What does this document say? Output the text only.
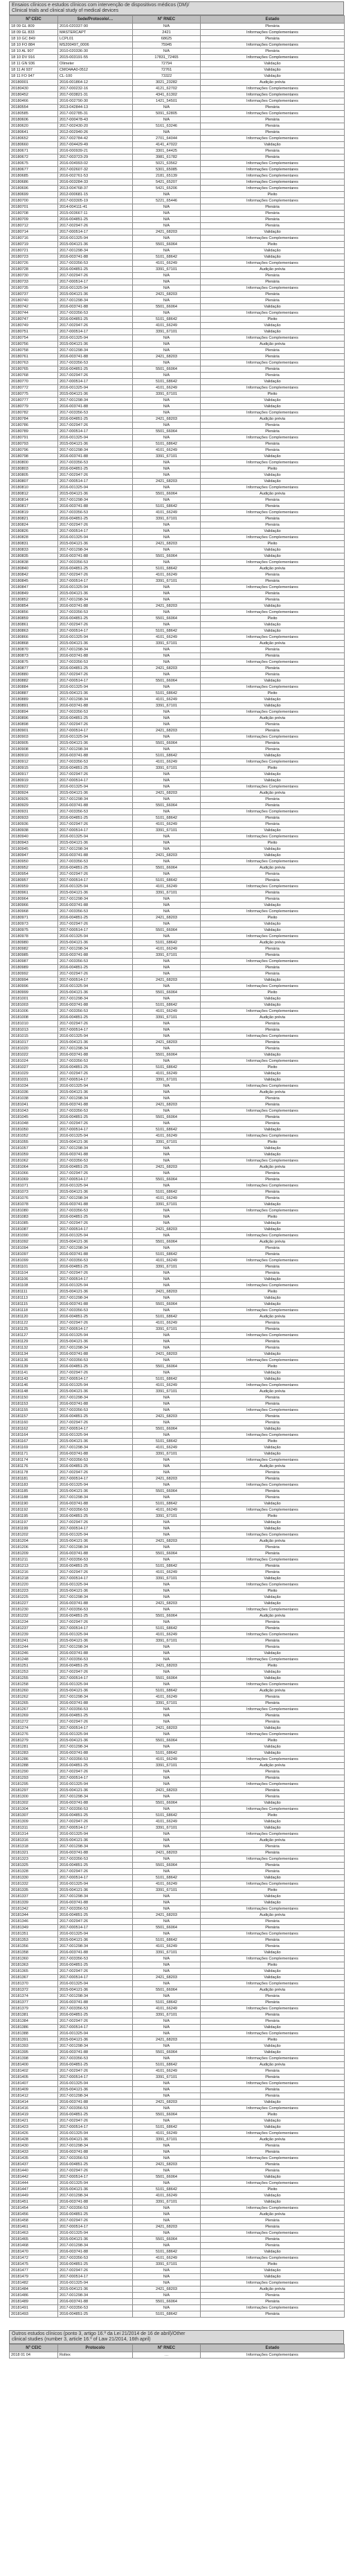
Ensaios clínicos e estudos clínicos com intervenção de dispositivos médicos (DM)/
Clinical trials and clinical study of medical devices
Nº CEIC	Sede/Protocolo/…	Nº RNEC	Estado
18 09 GL 809	2016-020337-90	N/A	Plenária
18 09 GL 833	MASTERCAPT	2421	Informações Complementares
18 10 GC 849	LCPL01	68625	Plenária
18 10 FO 884	MS200497_0006	75945	Informações Complementares
18 10 AL 907	2010-020336-30	N/A	Plenária
18 10 DV 916	2015-003191-55	17831_72465	Informações Complementares
18 11 GN 936	Olimeter	72794	Validação
18 11 AI 937	CMO4AA0-0512	72761	Validação
18 11 FO 947	CL-100	73322	Validação
20180001	2016-001864-12	3021_23282	Audição prévia
20180430	2017-000232-16	4121_62702	Informações Complementares
20180452	2017-003821-31	4341_61302	Informações Complementares
20180466	2016-002790-30	1421_54501	Informações Complementares
20180554	2013-042844-13	N/A	Plenária
20180585	2017-002785-31	5091_62805	Informações Complementares
20180606	2017-000478-43	N/A	Plenária
20180620	2017-002430-20	5161_63246	Plenária
20180641	2012-002940-26	N/A	Plenária
20180652	2017-002784-42	2701_64044	Informações Complementares
20180660	2017-004429-49	4141_47022	Validação
20180671	2016-000939-21	3301_64425	Plenária
20180672	2017-003723-29	3981_61782	Plenária
20180675	2016-004993-02	5021_63562	Informações Complementares
20180677	2017-002607-32	5301_65085	Informações Complementares
20180685	2016-002761-53	2181_65139	Informações Complementares
20180686	2016-003284-33	5421_65207	Informações Complementares
20180696	2013-004768-37	5421_65206	Informações Complementares
20180699	2012-000681-15	N/A	Pleito
20180700	2017-003305-19	5221_65446	Informações Complementares
20180701	2014-004111-41	N/A	Plenária
20180708	2015-003667-11	N/A	Plenária
20180709	2016-004851-25	N/A	Plenária
20180712	2017-002947-26	N/A	Plenária
20180714	2017-000514-17	2421_68203	Validação
20180716	2016-001325-94	N/A	Informações Complementares
20180719	2015-004121-36	5501_66064	Pleito
20180721	2017-001298-34	N/A	Validação
20180723	2016-003741-88	5101_68642	Validação
20180726	2017-003356-53	4101_66249	Informações Complementares
20180728	2016-004851-25	3391_67101	Audição prévia
20180730	2017-002947-26	N/A	Plenária
20180733	2017-000514-17	N/A	Plenária
20180735	2016-001325-94	N/A	Informações Complementares
20180737	2015-004121-36	2421_68203	Plenária
20180740	2017-001298-34	N/A	Plenária
20180742	2016-003741-88	5501_66064	Validação
20180744	2017-003356-53	N/A	Informações Complementares
20180747	2016-004851-25	5101_68642	Pleito
20180749	2017-002947-26	4101_66249	Validação
20180751	2017-000514-17	3391_67101	Validação
20180754	2016-001325-94	N/A	Informações Complementares
20180756	2015-004121-36	N/A	Audição prévia
20180758	2017-001298-34	N/A	Plenária
20180761	2016-003741-88	2421_68203	Plenária
20180763	2017-003356-53	N/A	Informações Complementares
20180765	2016-004851-25	5501_66064	Plenária
20180768	2017-002947-26	N/A	Plenária
20180770	2017-000514-17	5101_68642	Validação
20180772	2016-001325-94	4101_66249	Informações Complementares
20180775	2015-004121-36	3391_67101	Pleito
20180777	2017-001298-34	N/A	Validação
20180779	2016-003741-88	N/A	Validação
20180782	2017-003356-53	N/A	Informações Complementares
20180784	2016-004851-25	2421_68203	Audição prévia
20180786	2017-002947-26	N/A	Plenária
20180789	2017-000514-17	5501_66064	Plenária
20180791	2016-001325-94	N/A	Informações Complementares
20180793	2015-004121-36	5101_68642	Plenária
20180796	2017-001298-34	4101_66249	Plenária
20180798	2016-003741-88	3391_67101	Validação
20180800	2017-003356-53	N/A	Informações Complementares
20180803	2016-004851-25	N/A	Pleito
20180805	2017-002947-26	N/A	Validação
20180807	2017-000514-17	2421_68203	Validação
20180810	2016-001325-94	N/A	Informações Complementares
20180812	2015-004121-36	5501_66064	Audição prévia
20180814	2017-001298-34	N/A	Plenária
20180817	2016-003741-88	5101_68642	Plenária
20180819	2017-003356-53	4101_66249	Informações Complementares
20180821	2016-004851-25	3391_67101	Plenária
20180824	2017-002947-26	N/A	Plenária
20180826	2017-000514-17	N/A	Validação
20180828	2016-001325-94	N/A	Informações Complementares
20180831	2015-004121-36	2421_68203	Pleito
20180833	2017-001298-34	N/A	Validação
20180835	2016-003741-88	5501_66064	Validação
20180838	2017-003356-53	N/A	Informações Complementares
20180840	2016-004851-25	5101_68642	Audição prévia
20180842	2017-002947-26	4101_66249	Plenária
20180845	2017-000514-17	3391_67101	Plenária
20180847	2016-001325-94	N/A	Informações Complementares
20180849	2015-004121-36	N/A	Plenária
20180852	2017-001298-34	N/A	Plenária
20180854	2016-003741-88	2421_68203	Validação
20180856	2017-003356-53	N/A	Informações Complementares
20180859	2016-004851-25	5501_66064	Pleito
20180861	2017-002947-26	N/A	Validação
20180863	2017-000514-17	5101_68642	Validação
20180866	2016-001325-94	4101_66249	Informações Complementares
20180868	2015-004121-36	3391_67101	Audição prévia
20180870	2017-001298-34	N/A	Plenária
20180873	2016-003741-88	N/A	Plenária
20180875	2017-003356-53	N/A	Informações Complementares
20180877	2016-004851-25	2421_68203	Plenária
20180880	2017-002947-26	N/A	Plenária
20180882	2017-000514-17	5501_66064	Validação
20180884	2016-001325-94	N/A	Informações Complementares
20180887	2015-004121-36	5101_68642	Pleito
20180889	2017-001298-34	4101_66249	Validação
20180891	2016-003741-88	3391_67101	Validação
20180894	2017-003356-53	N/A	Informações Complementares
20180896	2016-004851-25	N/A	Audição prévia
20180898	2017-002947-26	N/A	Plenária
20180901	2017-000514-17	2421_68203	Plenária
20180903	2016-001325-94	N/A	Informações Complementares
20180905	2015-004121-36	5501_66064	Plenária
20180908	2017-001298-34	N/A	Plenária
20180910	2016-003741-88	5101_68642	Validação
20180912	2017-003356-53	4101_66249	Informações Complementares
20180915	2016-004851-25	3391_67101	Pleito
20180917	2017-002947-26	N/A	Validação
20180919	2017-000514-17	N/A	Validação
20180922	2016-001325-94	N/A	Informações Complementares
20180924	2015-004121-36	2421_68203	Audição prévia
20180926	2017-001298-34	N/A	Plenária
20180929	2016-003741-88	5501_66064	Plenária
20180931	2017-003356-53	N/A	Informações Complementares
20180933	2016-004851-25	5101_68642	Plenária
20180936	2017-002947-26	4101_66249	Plenária
20180938	2017-000514-17	3391_67101	Validação
20180940	2016-001325-94	N/A	Informações Complementares
20180943	2015-004121-36	N/A	Pleito
20180945	2017-001298-34	N/A	Validação
20180947	2016-003741-88	2421_68203	Validação
20180950	2017-003356-53	N/A	Informações Complementares
20180952	2016-004851-25	5501_66064	Audição prévia
20180954	2017-002947-26	N/A	Plenária
20180957	2017-000514-17	5101_68642	Plenária
20180959	2016-001325-94	4101_66249	Informações Complementares
20180961	2015-004121-36	3391_67101	Plenária
20180964	2017-001298-34	N/A	Plenária
20180966	2016-003741-88	N/A	Validação
20180968	2017-003356-53	N/A	Informações Complementares
20180971	2016-004851-25	2421_68203	Pleito
20180973	2017-002947-26	N/A	Validação
20180975	2017-000514-17	5501_66064	Validação
20180978	2016-001325-94	N/A	Informações Complementares
20180980	2015-004121-36	5101_68642	Audição prévia
20180982	2017-001298-34	4101_66249	Plenária
20180985	2016-003741-88	3391_67101	Plenária
20180987	2017-003356-53	N/A	Informações Complementares
20180989	2016-004851-25	N/A	Plenária
20180992	2017-002947-26	N/A	Plenária
20180994	2017-000514-17	2421_68203	Validação
20180996	2016-001325-94	N/A	Informações Complementares
20180999	2015-004121-36	5501_66064	Pleito
20181001	2017-001298-34	N/A	Validação
20181003	2016-003741-88	5101_68642	Validação
20181006	2017-003356-53	4101_66249	Informações Complementares
20181008	2016-004851-25	3391_67101	Audição prévia
20181010	2017-002947-26	N/A	Plenária
20181013	2017-000514-17	N/A	Plenária
20181015	2016-001325-94	N/A	Informações Complementares
20181017	2015-004121-36	2421_68203	Plenária
20181020	2017-001298-34	N/A	Plenária
20181022	2016-003741-88	5501_66064	Validação
20181024	2017-003356-53	N/A	Informações Complementares
20181027	2016-004851-25	5101_68642	Pleito
20181029	2017-002947-26	4101_66249	Validação
20181031	2017-000514-17	3391_67101	Validação
20181034	2016-001325-94	N/A	Informações Complementares
20181036	2015-004121-36	N/A	Audição prévia
20181038	2017-001298-34	N/A	Plenária
20181041	2016-003741-88	2421_68203	Plenária
20181043	2017-003356-53	N/A	Informações Complementares
20181045	2016-004851-25	5501_66064	Plenária
20181048	2017-002947-26	N/A	Plenária
20181050	2017-000514-17	5101_68642	Validação
20181052	2016-001325-94	4101_66249	Informações Complementares
20181055	2015-004121-36	3391_67101	Pleito
20181057	2017-001298-34	N/A	Validação
20181059	2016-003741-88	N/A	Validação
20181062	2017-003356-53	N/A	Informações Complementares
20181064	2016-004851-25	2421_68203	Audição prévia
20181066	2017-002947-26	N/A	Plenária
20181069	2017-000514-17	5501_66064	Plenária
20181071	2016-001325-94	N/A	Informações Complementares
20181073	2015-004121-36	5101_68642	Plenária
20181076	2017-001298-34	4101_66249	Plenária
20181078	2016-003741-88	3391_67101	Validação
20181080	2017-003356-53	N/A	Informações Complementares
20181083	2016-004851-25	N/A	Pleito
20181085	2017-002947-26	N/A	Validação
20181087	2017-000514-17	2421_68203	Validação
20181090	2016-001325-94	N/A	Informações Complementares
20181092	2015-004121-36	5501_66064	Audição prévia
20181094	2017-001298-34	N/A	Plenária
20181097	2016-003741-88	5101_68642	Plenária
20181099	2017-003356-53	4101_66249	Informações Complementares
20181101	2016-004851-25	3391_67101	Plenária
20181104	2017-002947-26	N/A	Plenária
20181106	2017-000514-17	N/A	Validação
20181108	2016-001325-94	N/A	Informações Complementares
20181111	2015-004121-36	2421_68203	Pleito
20181113	2017-001298-34	N/A	Validação
20181115	2016-003741-88	5501_66064	Validação
20181118	2017-003356-53	N/A	Informações Complementares
20181120	2016-004851-25	5101_68642	Audição prévia
20181122	2017-002947-26	4101_66249	Plenária
20181125	2017-000514-17	3391_67101	Plenária
20181127	2016-001325-94	N/A	Informações Complementares
20181129	2015-004121-36	N/A	Plenária
20181132	2017-001298-34	N/A	Plenária
20181134	2016-003741-88	2421_68203	Validação
20181136	2017-003356-53	N/A	Informações Complementares
20181139	2016-004851-25	5501_66064	Pleito
20181141	2017-002947-26	N/A	Validação
20181143	2017-000514-17	5101_68642	Validação
20181146	2016-001325-94	4101_66249	Informações Complementares
20181148	2015-004121-36	3391_67101	Audição prévia
20181150	2017-001298-34	N/A	Plenária
20181153	2016-003741-88	N/A	Plenária
20181155	2017-003356-53	N/A	Informações Complementares
20181157	2016-004851-25	2421_68203	Plenária
20181160	2017-002947-26	N/A	Plenária
20181162	2017-000514-17	5501_66064	Validação
20181164	2016-001325-94	N/A	Informações Complementares
20181167	2015-004121-36	5101_68642	Pleito
20181169	2017-001298-34	4101_66249	Validação
20181171	2016-003741-88	3391_67101	Validação
20181174	2017-003356-53	N/A	Informações Complementares
20181176	2016-004851-25	N/A	Audição prévia
20181178	2017-002947-26	N/A	Plenária
20181181	2017-000514-17	2421_68203	Plenária
20181183	2016-001325-94	N/A	Informações Complementares
20181185	2015-004121-36	5501_66064	Plenária
20181188	2017-001298-34	N/A	Plenária
20181190	2016-003741-88	5101_68642	Validação
20181192	2017-003356-53	4101_66249	Informações Complementares
20181195	2016-004851-25	3391_67101	Pleito
20181197	2017-002947-26	N/A	Validação
20181199	2017-000514-17	N/A	Validação
20181202	2016-001325-94	N/A	Informações Complementares
20181204	2015-004121-36	2421_68203	Audição prévia
20181206	2017-001298-34	N/A	Plenária
20181209	2016-003741-88	5501_66064	Plenária
20181211	2017-003356-53	N/A	Informações Complementares
20181213	2016-004851-25	5101_68642	Plenária
20181216	2017-002947-26	4101_66249	Plenária
20181218	2017-000514-17	3391_67101	Validação
20181220	2016-001325-94	N/A	Informações Complementares
20181223	2015-004121-36	N/A	Pleito
20181225	2017-001298-34	N/A	Validação
20181227	2016-003741-88	2421_68203	Validação
20181230	2017-003356-53	N/A	Informações Complementares
20181232	2016-004851-25	5501_66064	Audição prévia
20181234	2017-002947-26	N/A	Plenária
20181237	2017-000514-17	5101_68642	Plenária
20181239	2016-001325-94	4101_66249	Informações Complementares
20181241	2015-004121-36	3391_67101	Plenária
20181244	2017-001298-34	N/A	Plenária
20181246	2016-003741-88	N/A	Validação
20181248	2017-003356-53	N/A	Informações Complementares
20181251	2016-004851-25	2421_68203	Pleito
20181253	2017-002947-26	N/A	Validação
20181255	2017-000514-17	5501_66064	Validação
20181258	2016-001325-94	N/A	Informações Complementares
20181260	2015-004121-36	5101_68642	Audição prévia
20181262	2017-001298-34	4101_66249	Plenária
20181265	2016-003741-88	3391_67101	Plenária
20181267	2017-003356-53	N/A	Informações Complementares
20181269	2016-004851-25	N/A	Plenária
20181272	2017-002947-26	N/A	Plenária
20181274	2017-000514-17	2421_68203	Validação
20181276	2016-001325-94	N/A	Informações Complementares
20181279	2015-004121-36	5501_66064	Pleito
20181281	2017-001298-34	N/A	Validação
20181283	2016-003741-88	5101_68642	Validação
20181286	2017-003356-53	4101_66249	Informações Complementares
20181288	2016-004851-25	3391_67101	Audição prévia
20181290	2017-002947-26	N/A	Plenária
20181293	2017-000514-17	N/A	Plenária
20181295	2016-001325-94	N/A	Informações Complementares
20181297	2015-004121-36	2421_68203	Plenária
20181300	2017-001298-34	N/A	Plenária
20181302	2016-003741-88	5501_66064	Validação
20181304	2017-003356-53	N/A	Informações Complementares
20181307	2016-004851-25	5101_68642	Pleito
20181309	2017-002947-26	4101_66249	Validação
20181311	2017-000514-17	3391_67101	Validação
20181314	2016-001325-94	N/A	Informações Complementares
20181316	2015-004121-36	N/A	Audição prévia
20181318	2017-001298-34	N/A	Plenária
20181321	2016-003741-88	2421_68203	Plenária
20181323	2017-003356-53	N/A	Informações Complementares
20181325	2016-004851-25	5501_66064	Plenária
20181328	2017-002947-26	N/A	Plenária
20181330	2017-000514-17	5101_68642	Validação
20181332	2016-001325-94	4101_66249	Informações Complementares
20181335	2015-004121-36	3391_67101	Pleito
20181337	2017-001298-34	N/A	Validação
20181339	2016-003741-88	N/A	Validação
20181342	2017-003356-53	N/A	Informações Complementares
20181344	2016-004851-25	2421_68203	Audição prévia
20181346	2017-002947-26	N/A	Plenária
20181349	2017-000514-17	5501_66064	Plenária
20181351	2016-001325-94	N/A	Informações Complementares
20181353	2015-004121-36	5101_68642	Plenária
20181356	2017-001298-34	4101_66249	Plenária
20181358	2016-003741-88	3391_67101	Validação
20181360	2017-003356-53	N/A	Informações Complementares
20181363	2016-004851-25	N/A	Pleito
20181365	2017-002947-26	N/A	Validação
20181367	2017-000514-17	2421_68203	Validação
20181370	2016-001325-94	N/A	Informações Complementares
20181372	2015-004121-36	5501_66064	Audição prévia
20181374	2017-001298-34	N/A	Plenária
20181377	2016-003741-88	5101_68642	Plenária
20181379	2017-003356-53	4101_66249	Informações Complementares
20181381	2016-004851-25	3391_67101	Plenária
20181384	2017-002947-26	N/A	Plenária
20181386	2017-000514-17	N/A	Validação
20181388	2016-001325-94	N/A	Informações Complementares
20181391	2015-004121-36	2421_68203	Pleito
20181393	2017-001298-34	N/A	Validação
20181395	2016-003741-88	5501_66064	Validação
20181398	2017-003356-53	N/A	Informações Complementares
20181400	2016-004851-25	5101_68642	Audição prévia
20181402	2017-002947-26	4101_66249	Plenária
20181405	2017-000514-17	3391_67101	Plenária
20181407	2016-001325-94	N/A	Informações Complementares
20181409	2015-004121-36	N/A	Plenária
20181412	2017-001298-34	N/A	Plenária
20181414	2016-003741-88	2421_68203	Validação
20181416	2017-003356-53	N/A	Informações Complementares
20181419	2016-004851-25	5501_66064	Pleito
20181421	2017-002947-26	N/A	Validação
20181423	2017-000514-17	5101_68642	Validação
20181426	2016-001325-94	4101_66249	Informações Complementares
20181428	2015-004121-36	3391_67101	Audição prévia
20181430	2017-001298-34	N/A	Plenária
20181433	2016-003741-88	N/A	Plenária
20181435	2017-003356-53	N/A	Informações Complementares
20181437	2016-004851-25	2421_68203	Plenária
20181440	2017-002947-26	N/A	Plenária
20181442	2017-000514-17	5501_66064	Validação
20181444	2016-001325-94	N/A	Informações Complementares
20181447	2015-004121-36	5101_68642	Pleito
20181449	2017-001298-34	4101_66249	Validação
20181451	2016-003741-88	3391_67101	Validação
20181454	2017-003356-53	N/A	Informações Complementares
20181456	2016-004851-25	N/A	Audição prévia
20181458	2017-002947-26	N/A	Plenária
20181461	2017-000514-17	2421_68203	Plenária
20181463	2016-001325-94	N/A	Informações Complementares
20181465	2015-004121-36	5501_66064	Plenária
20181468	2017-001298-34	N/A	Plenária
20181470	2016-003741-88	5101_68642	Validação
20181472	2017-003356-53	4101_66249	Informações Complementares
20181475	2016-004851-25	3391_67101	Pleito
20181477	2017-002947-26	N/A	Validação
20181479	2017-000514-17	N/A	Validação
20181482	2016-001325-94	N/A	Informações Complementares
20181484	2015-004121-36	2421_68203	Audição prévia
20181486	2017-001298-34	N/A	Plenária
20181489	2016-003741-88	5501_66064	Plenária
20181491	2017-003356-53	N/A	Informações Complementares
20181493	2016-004851-25	5101_68642	Plenária
Outros estudos clínicos (ponto 3, artigo 16.º da Lei 21/2014 de 16 de abril)/Other
clinical studies (number 3, article 16.º of Law 21/2014, 16th april)
Nº CEIC	Protocolo	Nº RNEC	Estado
2018 01 04	Roltex	…	Informações Complementares
